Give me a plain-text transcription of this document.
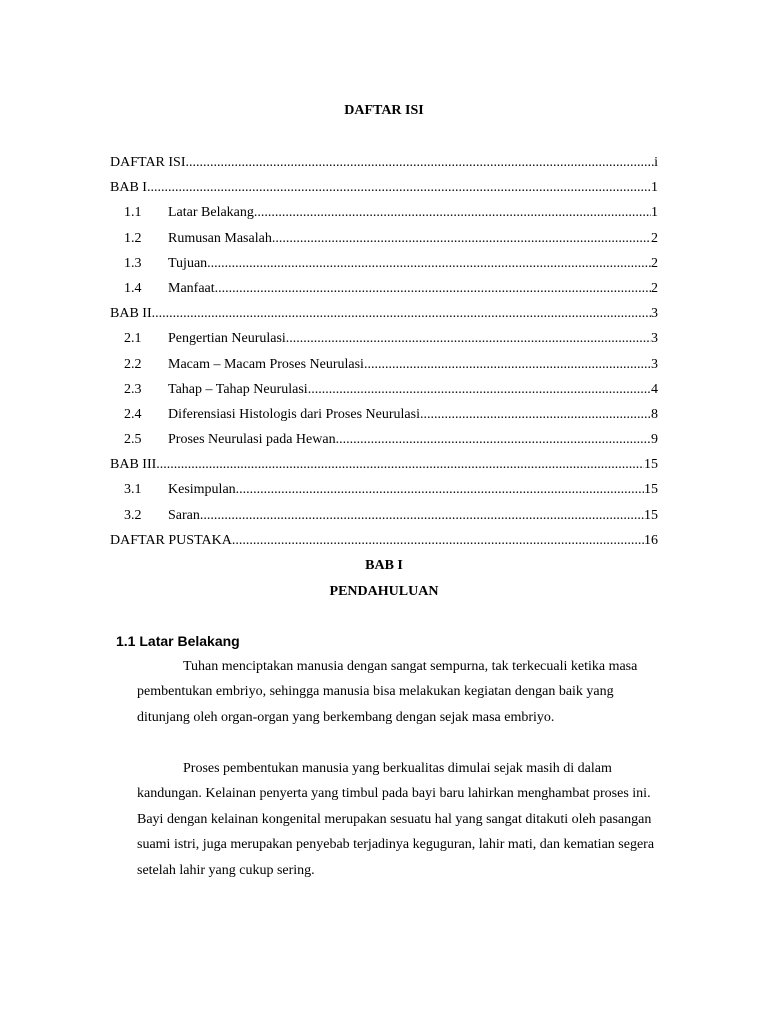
DAFTAR ISI
DAFTAR ISI .....	i
BAB I .....	1
1.1	Latar Belakang .....	1
1.2	Rumusan Masalah .....	2
1.3	Tujuan .....	2
1.4	Manfaat .....	2
BAB II .....	3
2.1	Pengertian Neurulasi .....	3
2.2	Macam – Macam Proses Neurulasi .....	3
2.3	Tahap – Tahap Neurulasi .....	4
2.4	Diferensiasi Histologis dari Proses Neurulasi .....	8
2.5	Proses Neurulasi pada Hewan .....	9
BAB III .....	15
3.1	Kesimpulan .....	15
3.2	Saran .....	15
DAFTAR PUSTAKA .....	16
BAB I
PENDAHULUAN
1.1 Latar Belakang

Tuhan menciptakan manusia dengan sangat sempurna, tak terkecuali ketika masa pembentukan embriyo, sehingga manusia bisa melakukan kegiatan dengan baik yang ditunjang oleh organ-organ yang berkembang dengan sejak masa embriyo.

Proses pembentukan manusia yang berkualitas dimulai sejak masih di dalam kandungan. Kelainan penyerta yang timbul pada bayi baru lahirkan menghambat proses ini. Bayi dengan kelainan kongenital merupakan sesuatu hal yang sangat ditakuti oleh pasangan suami istri, juga merupakan penyebab terjadinya keguguran, lahir mati, dan kematian segera setelah lahir yang cukup sering.
